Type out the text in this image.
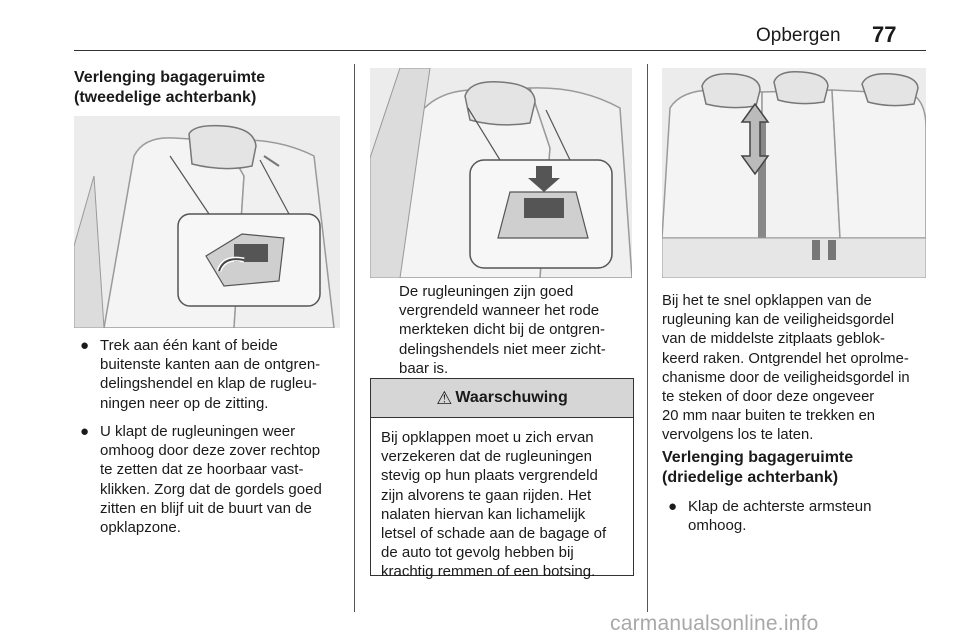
Opbergen 77
Verlenging bagageruimte
(tweedelige achterbank)
● Trek aan één kant of beide
buitenste kanten aan de ontgren-
delingshendel en klap de rugleu-
ningen neer op de zitting.
● U klapt de rugleuningen weer
omhoog door deze zover rechtop
te zetten dat ze hoorbaar vast-
klikken. Zorg dat de gordels goed
zitten en blijf uit de buurt van de
opklapzone.
De rugleuningen zijn goed
vergrendeld wanneer het rode
merkteken dicht bij de ontgren-
delingshendels niet meer zicht-
baar is.
⚠ Waarschuwing
Bij opklappen moet u zich ervan
verzekeren dat de rugleuningen
stevig op hun plaats vergrendeld
zijn alvorens te gaan rijden. Het
nalaten hiervan kan lichamelijk
letsel of schade aan de bagage of
de auto tot gevolg hebben bij
krachtig remmen of een botsing.
Bij het te snel opklappen van de
rugleuning kan de veiligheidsgordel
van de middelste zitplaats geblok-
keerd raken. Ontgrendel het oprolme-
chanisme door de veiligheidsgordel in
te steken of door deze ongeveer
20 mm naar buiten te trekken en
vervolgens los te laten.
Verlenging bagageruimte
(driedelige achterbank)
● Klap de achterste armsteun
omhoog.
carmanualsonline.info
